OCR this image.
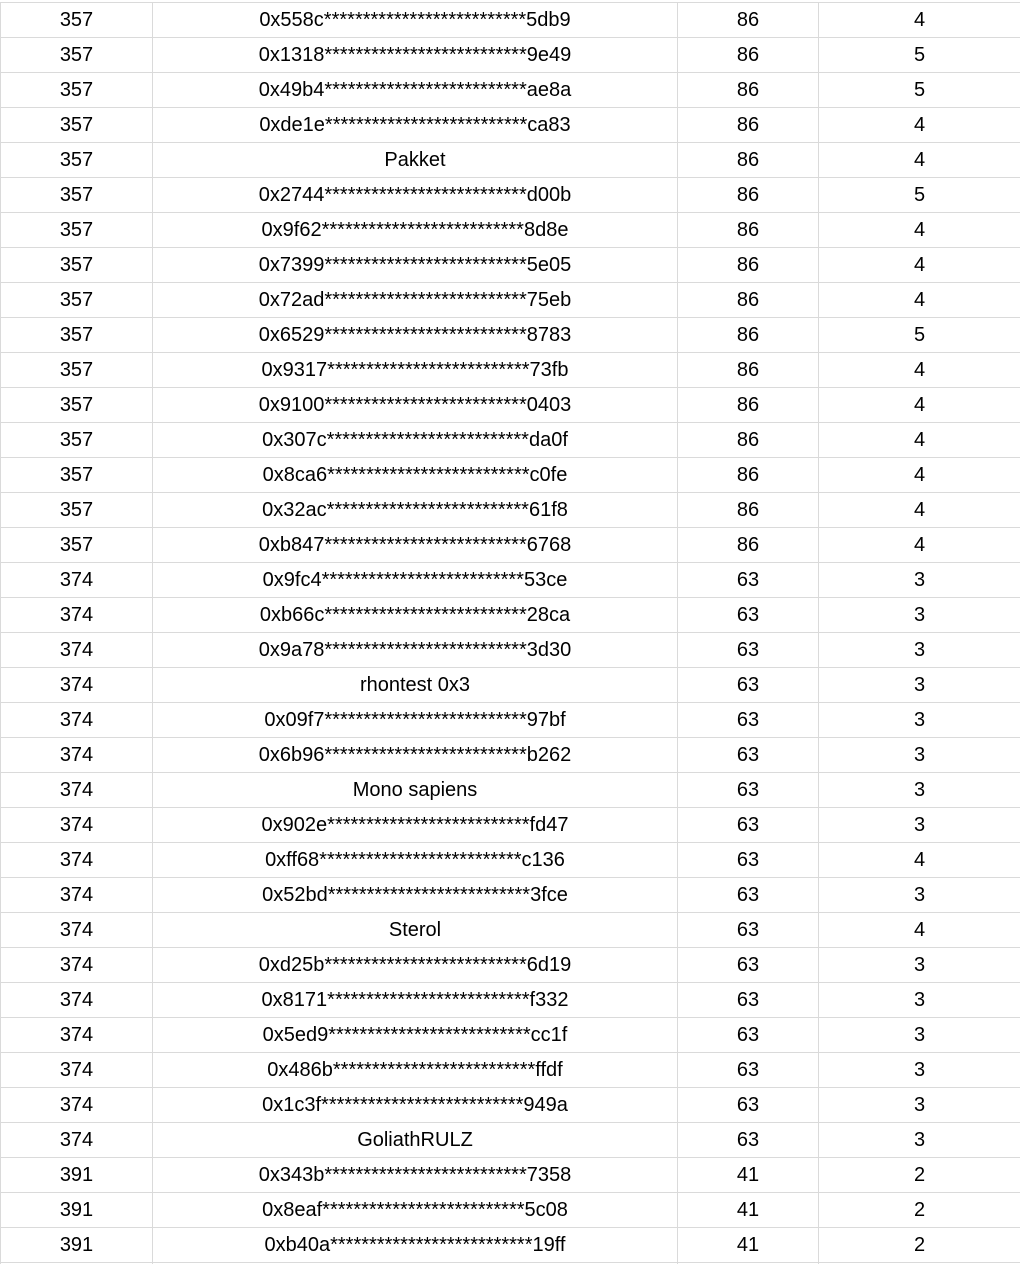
357	0x558c**************************5db9	86	4
357	0x1318**************************9e49	86	5
357	0x49b4**************************ae8a	86	5
357	0xde1e**************************ca83	86	4
357	Pakket	86	4
357	0x2744**************************d00b	86	5
357	0x9f62**************************8d8e	86	4
357	0x7399**************************5e05	86	4
357	0x72ad**************************75eb	86	4
357	0x6529**************************8783	86	5
357	0x9317**************************73fb	86	4
357	0x9100**************************0403	86	4
357	0x307c**************************da0f	86	4
357	0x8ca6**************************c0fe	86	4
357	0x32ac**************************61f8	86	4
357	0xb847**************************6768	86	4
374	0x9fc4**************************53ce	63	3
374	0xb66c**************************28ca	63	3
374	0x9a78**************************3d30	63	3
374	rhontest 0x3	63	3
374	0x09f7**************************97bf	63	3
374	0x6b96**************************b262	63	3
374	Mono sapiens	63	3
374	0x902e**************************fd47	63	3
374	0xff68**************************c136	63	4
374	0x52bd**************************3fce	63	3
374	Sterol	63	4
374	0xd25b**************************6d19	63	3
374	0x8171**************************f332	63	3
374	0x5ed9**************************cc1f	63	3
374	0x486b**************************ffdf	63	3
374	0x1c3f**************************949a	63	3
374	GoliathRULZ	63	3
391	0x343b**************************7358	41	2
391	0x8eaf**************************5c08	41	2
391	0xb40a**************************19ff	41	2
